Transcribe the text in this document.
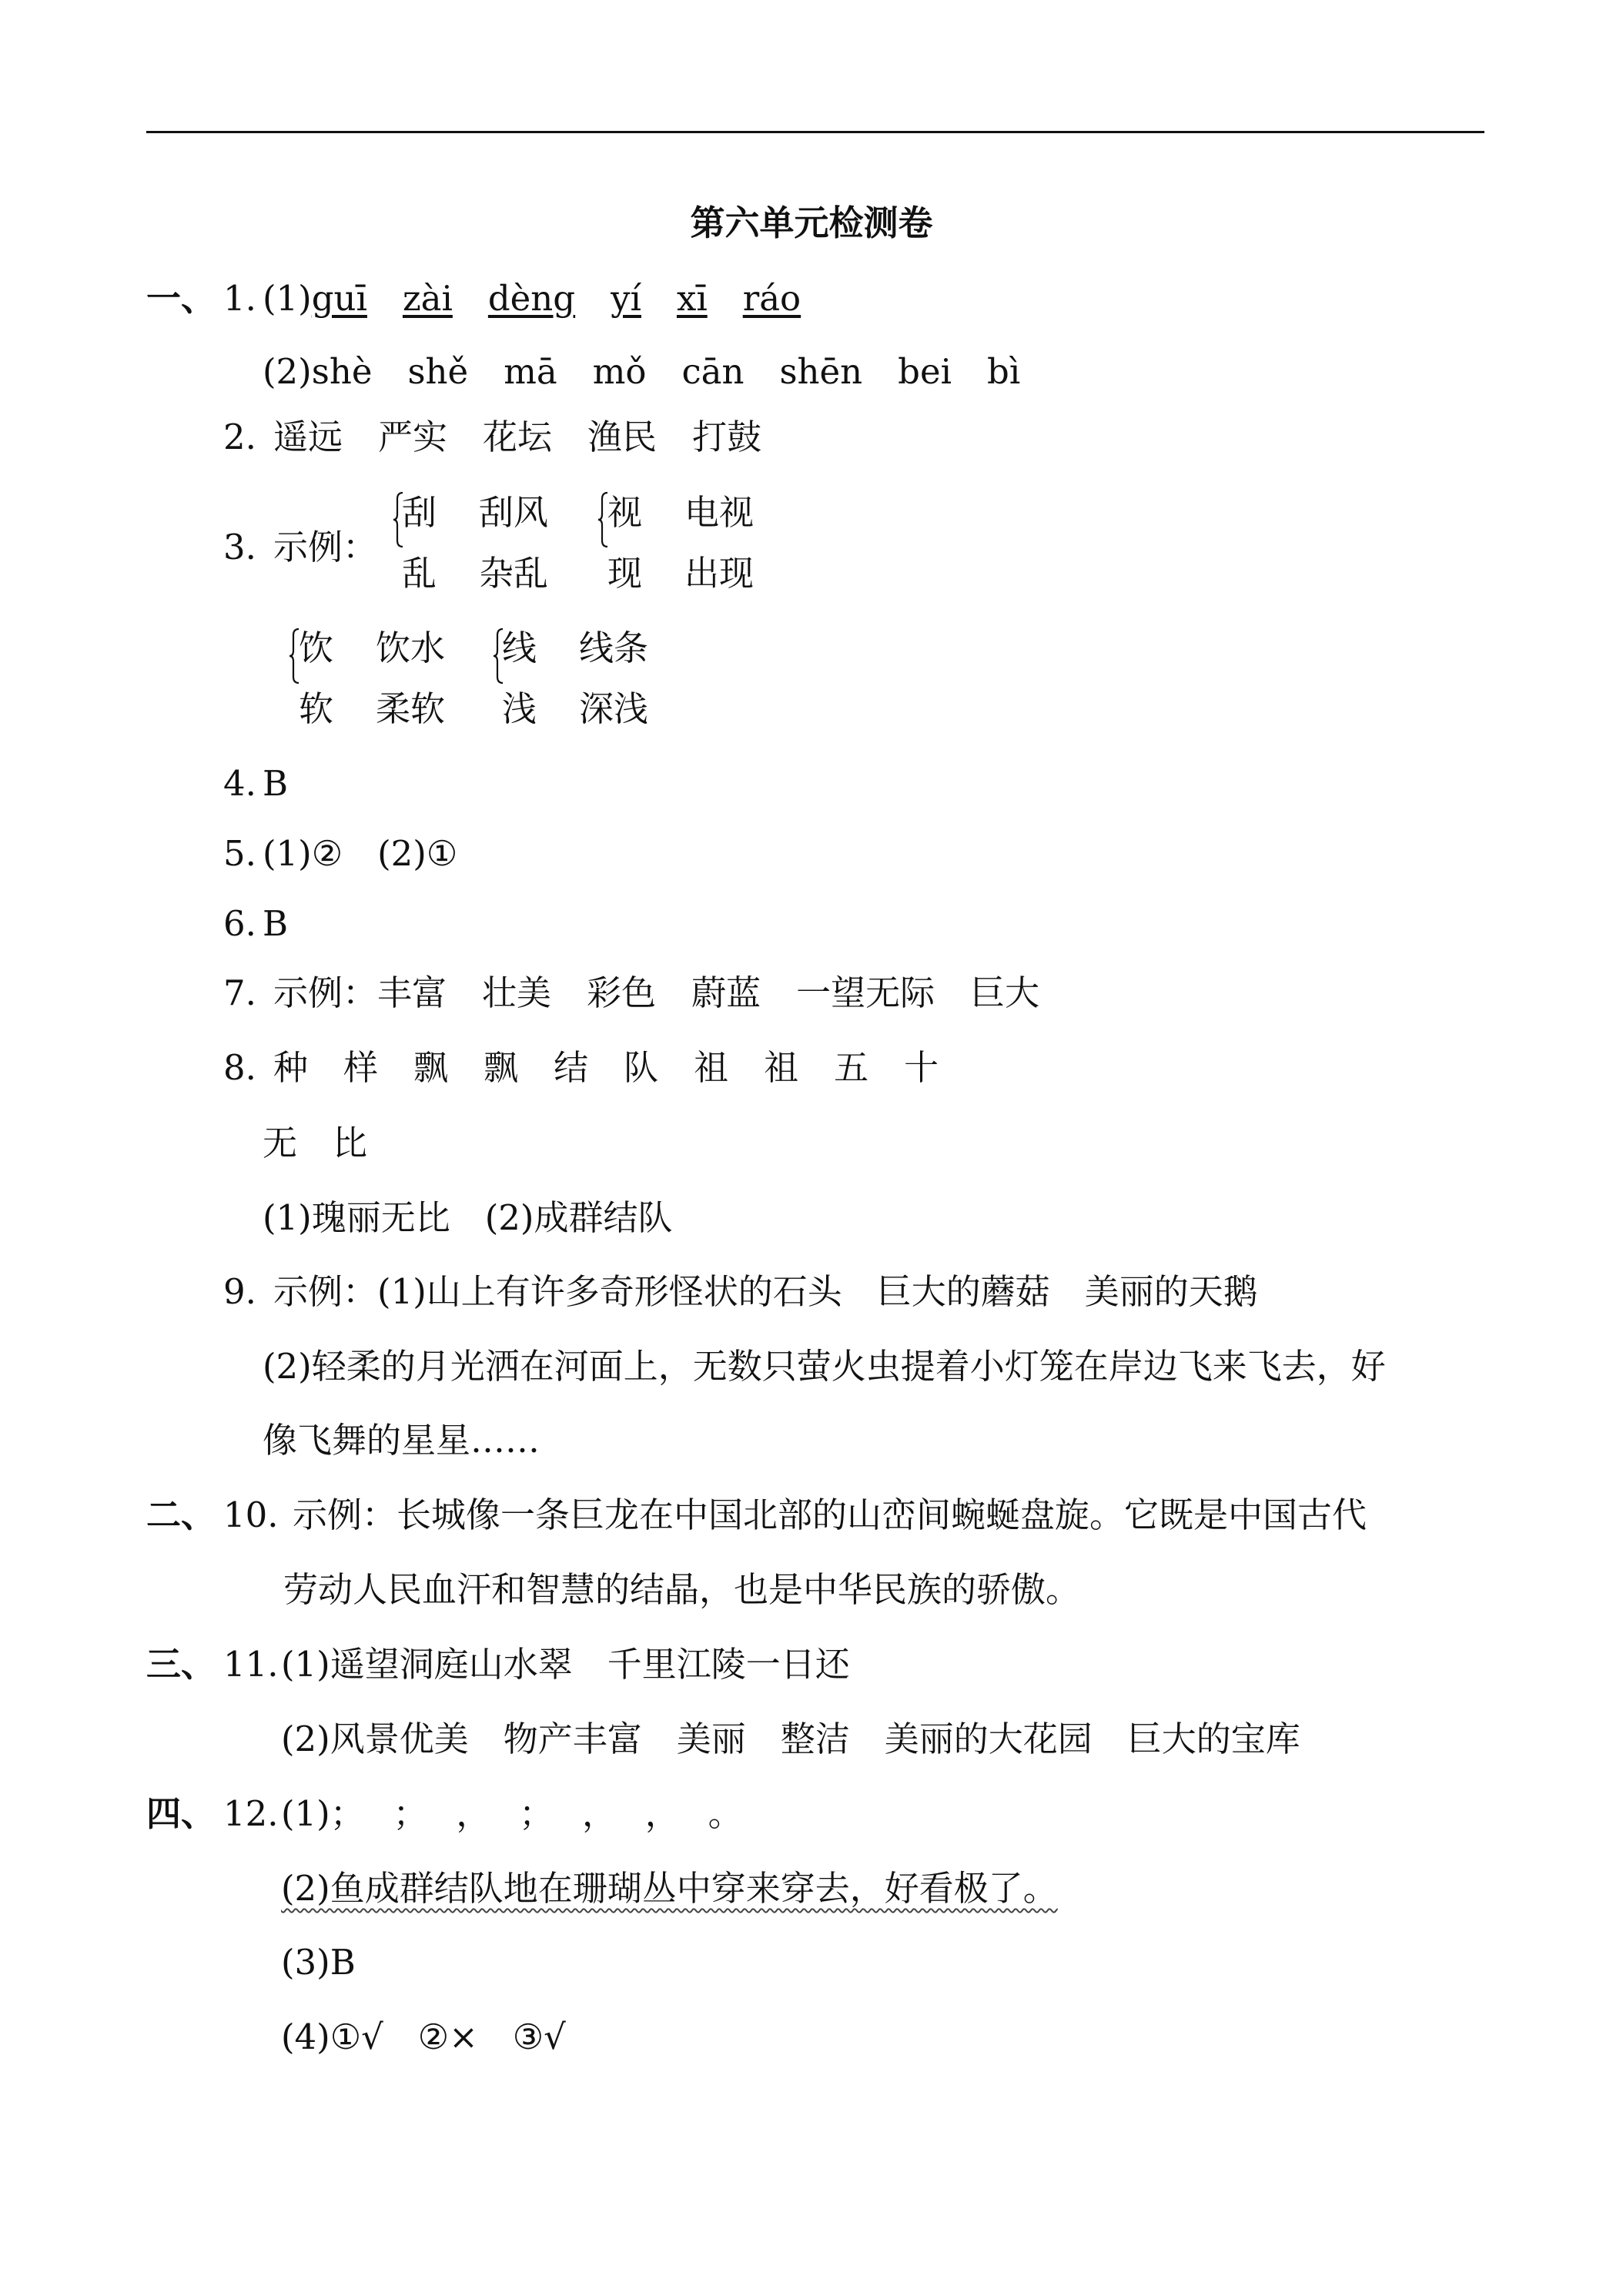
第六单元检测卷
一、 1. (1)guī zài dèng yí xī ráo
(2)shè shě mā mǒ cān shēn bei bì
2. 遥远 严实 花坛 渔民 打鼓
3. 示例：
刮 刮风
乱 杂乱
视 电视
现 出现
饮 饮水
软 柔软
线 线条
浅 深浅
4. B
5. (1)②　(2)①
6. B
7. 示例：丰富 壮美 彩色 蔚蓝 一望无际 巨大
8. 种 样 飘 飘 结 队 祖 祖 五 十
无 比
(1)瑰丽无比　(2)成群结队
9. 示例：(1)山上有许多奇形怪状的石头　巨大的蘑菇　美丽的天鹅
(2)轻柔的月光洒在河面上，无数只萤火虫提着小灯笼在岸边飞来飞去，好
像飞舞的星星……
二、 10. 示例：长城像一条巨龙在中国北部的山峦间蜿蜒盘旋。它既是中国古代
劳动人民血汗和智慧的结晶，也是中华民族的骄傲。
三、 11. (1)遥望洞庭山水翠　千里江陵一日还
(2)风景优美　物产丰富　美丽　整洁　美丽的大花园　巨大的宝库
四、 12. (1)；　 ；　 ，　 ；　 ，　 ，　 。
(2)鱼成群结队地在珊瑚丛中穿来穿去，好看极了。
(3)B
(4)①√　②×　③√
